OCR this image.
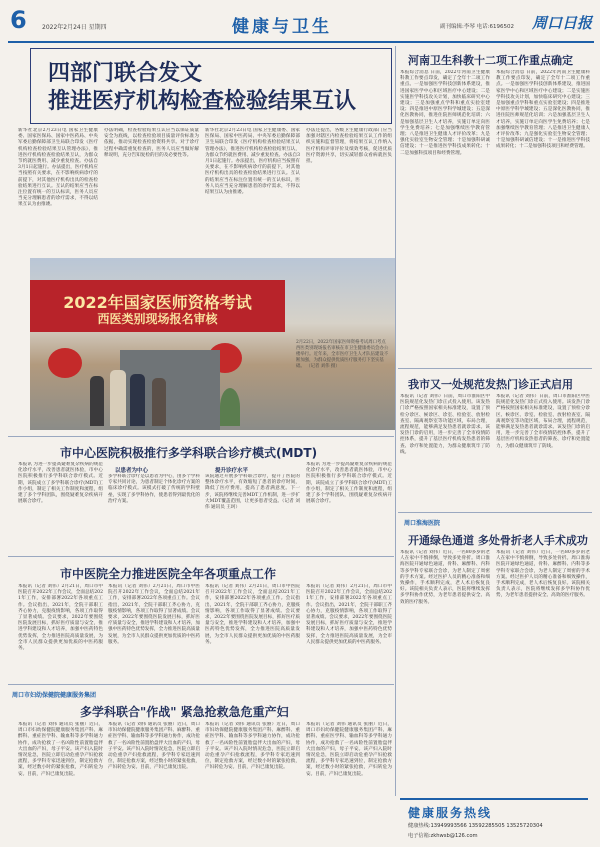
6	2022年2月24日 星期四	健康与卫生	副刊编辑:李琴 电话:6196502 周口日报
四部门联合发文
推进医疗机构检查检验结果互认
新华社北京2月23日电 国家卫生健康委、国家医保局、国家中医药局、中央军委后勤保障部卫生局联合印发《医疗机构检查检验结果互认管理办法》，推进医疗机构检查检验结果互认，为群众节约就医费用、减少重复检查。办法自3月1日起施行。办法提出，医疗机构应当按照有关要求，在不影响疾病诊疗的前提下，对其他医疗机构出具的检查检验结果进行互认。互认的结果应当在标注位置有统一的互认标识，医务人员应当充分理解患者的诊疗需求，不得以结果互认为由推诿。
办法明确，检查检验结果互认应当以保证质量安全为底线，以检查检验项目质量评价标准为依据，推动实现检查检验资料共享。对于诊疗过程中确需重复检查的，医务人员应当做好解释说明，充分告知复检的目的及必要性等。
新华社北京2月23日电 国家卫生健康委、国家医保局、国家中医药局、中央军委后勤保障部卫生局联合印发《医疗机构检查检验结果互认管理办法》，推进医疗机构检查检验结果互认，为群众节约就医费用、减少重复检查。办法自3月1日起施行。办法提出，医疗机构应当按照有关要求，在不影响疾病诊疗的前提下，对其他医疗机构出具的检查检验结果进行互认。互认的结果应当在标注位置有统一的互认标识，医务人员应当充分理解患者的诊疗需求，不得以结果互认为由推诿。
办法还提出，各级卫生健康行政部门应当加强对辖区内检查检验结果互认工作的组织实施和监督管理，将结果互认工作纳入医疗机构评审评价及绩效考核，促进优质医疗资源共享，切实减轻群众看病就医负担。
2022年国家医师资格考试
西医类别现场报名审核
2月22日，2022年国家医师资格考试周口考点西医类别现场报名审核在市卫生健康委员会办公楼举行。近年来，全市医疗卫生人才队伍建设不断加强，为群众提供优质医疗服务打下坚实基础。 （记者 刘伟 摄）
市中心医院积极推行多学科联合诊疗模式(MDT)
本报讯 为进一步提高疑难复杂疾病的规范化诊疗水平，改善患者就医体验，市中心医院积极推行多学科联合诊疗模式。近期，该院成立了多学科联合诊疗(MDT)工作小组，制定了相关工作制度和流程，组建了多个学科团队，围绕疑难复杂疾病开展联合诊疗。
以患者为中心
多学科联合诊疗是以患者为中心，由多个学科专家共同讨论，为患者制定个体化诊疗方案的临床诊疗模式。该模式打破了传统的学科壁垒，实现了多学科协作，使患者得到最优化的治疗方案。
提升诊疗水平
该院通过开展多学科联合诊疗，提升了医院的整体诊疗水平，有效缩短了患者的诊疗时间，降低了医疗费用，提高了患者满意度。下一步，该院将继续完善MDT工作机制，进一步扩大MDT覆盖范围，让更多患者受益。（记者 刘伟 通讯员 王珂）
本报讯 为进一步提高疑难复杂疾病的规范化诊疗水平，改善患者就医体验，市中心医院积极推行多学科联合诊疗模式。近期，该院成立了多学科联合诊疗(MDT)工作小组，制定了相关工作制度和流程，组建了多个学科团队，围绕疑难复杂疾病开展联合诊疗。
市中医院全力推进医院全年各项重点工作
本报讯（记者 刘伟）2月21日，周口市中医院召开2022年工作会议，全面总结2021年工作，安排部署2022年各项重点工作。会议指出，2021年，全院干部职工齐心协力，克服疫情影响，各项工作取得了显著成绩。会议要求，2022年要围绕医院发展目标，抓好医疗质量与安全，推进学科建设和人才培养，加强中医药特色优势发挥，全力推进医院高质量发展，为全市人民群众提供更加优质的中医药服务。
本报讯（记者 刘伟）2月21日，周口市中医院召开2022年工作会议，全面总结2021年工作，安排部署2022年各项重点工作。会议指出，2021年，全院干部职工齐心协力，克服疫情影响，各项工作取得了显著成绩。会议要求，2022年要围绕医院发展目标，抓好医疗质量与安全，推进学科建设和人才培养，加强中医药特色优势发挥，全力推进医院高质量发展，为全市人民群众提供更加优质的中医药服务。
本报讯（记者 刘伟）2月21日，周口市中医院召开2022年工作会议，全面总结2021年工作，安排部署2022年各项重点工作。会议指出，2021年，全院干部职工齐心协力，克服疫情影响，各项工作取得了显著成绩。会议要求，2022年要围绕医院发展目标，抓好医疗质量与安全，推进学科建设和人才培养，加强中医药特色优势发挥，全力推进医院高质量发展，为全市人民群众提供更加优质的中医药服务。
本报讯（记者 刘伟）2月21日，周口市中医院召开2022年工作会议，全面总结2021年工作，安排部署2022年各项重点工作。会议指出，2021年，全院干部职工齐心协力，克服疫情影响，各项工作取得了显著成绩。会议要求，2022年要围绕医院发展目标，抓好医疗质量与安全，推进学科建设和人才培养，加强中医药特色优势发挥，全力推进医院高质量发展，为全市人民群众提供更加优质的中医药服务。
周口市妇幼保健院健康服务集团
多学科联合"作战" 紧急抢救急危重产妇
本报讯（记者 刘伟 通讯员 张丽）近日，周口市妇幼保健院健康服务集团产科、麻醉科、重症医学科、输血科等多学科通力协作，成功抢救了一名凶险性前置胎盘伴大出血的产妇，母子平安。该产妇入院时情况危急，医院立即启动危重孕产妇抢救流程，多学科专家迅速到位，制定抢救方案，经过数小时的紧张抢救，产妇转危为安。目前，产妇已康复出院。
本报讯（记者 刘伟 通讯员 张丽）近日，周口市妇幼保健院健康服务集团产科、麻醉科、重症医学科、输血科等多学科通力协作，成功抢救了一名凶险性前置胎盘伴大出血的产妇，母子平安。该产妇入院时情况危急，医院立即启动危重孕产妇抢救流程，多学科专家迅速到位，制定抢救方案，经过数小时的紧张抢救，产妇转危为安。目前，产妇已康复出院。
本报讯（记者 刘伟 通讯员 张丽）近日，周口市妇幼保健院健康服务集团产科、麻醉科、重症医学科、输血科等多学科通力协作，成功抢救了一名凶险性前置胎盘伴大出血的产妇，母子平安。该产妇入院时情况危急，医院立即启动危重孕产妇抢救流程，多学科专家迅速到位，制定抢救方案，经过数小时的紧张抢救，产妇转危为安。目前，产妇已康复出院。
本报讯（记者 刘伟 通讯员 张丽）近日，周口市妇幼保健院健康服务集团产科、麻醉科、重症医学科、输血科等多学科通力协作，成功抢救了一名凶险性前置胎盘伴大出血的产妇，母子平安。该产妇入院时情况危急，医院立即启动危重孕产妇抢救流程，多学科专家迅速到位，制定抢救方案，经过数小时的紧张抢救，产妇转危为安。目前，产妇已康复出院。
河南卫生科教十二项工作重点确定
本报综合消息 日前，2022年河南卫生健康科教工作要点印发，确定了全年十二项工作重点。一是加强医学科技创新体系建设，推进国家医学中心和区域医疗中心建设；二是实施医学科技攻关计划，加快临床研究中心建设；三是加强重点学科和重点实验室建设；四是推进中原医学科学城建设；五是深化医教协同，推进住院医师规范化培训；六是加强基层卫生人才培养，实施订单定向医学生免费培养；七是加强继续医学教育管理；八是推进卫生健康人才评价改革；九是强化实验室生物安全管理；十是加强科研诚信建设；十一是推进医学科技成果转化；十二是加强科技项目和经费管理。
本报综合消息 日前，2022年河南卫生健康科教工作要点印发，确定了全年十二项工作重点。一是加强医学科技创新体系建设，推进国家医学中心和区域医疗中心建设；二是实施医学科技攻关计划，加快临床研究中心建设；三是加强重点学科和重点实验室建设；四是推进中原医学科学城建设；五是深化医教协同，推进住院医师规范化培训；六是加强基层卫生人才培养，实施订单定向医学生免费培养；七是加强继续医学教育管理；八是推进卫生健康人才评价改革；九是强化实验室生物安全管理；十是加强科研诚信建设；十一是推进医学科技成果转化；十二是加强科技项目和经费管理。
我市又一处规范发热门诊正式启用
本报讯（记者 刘伟）日前，周口市淮阳区中医院规范化发热门诊正式投入使用。该发热门诊严格按照国家相关标准建设，设置了预检分诊区、候诊区、诊室、检验室、放射检查室、隔离观察室等功能区域，布局合理，流程规范，能够满足发热患者就诊需求。该发热门诊的启用，进一步完善了全市疫情防控体系，提升了基层医疗机构发热患者的筛查、诊疗和处置能力，为群众健康筑牢了防线。
本报讯（记者 刘伟）日前，周口市淮阳区中医院规范化发热门诊正式投入使用。该发热门诊严格按照国家相关标准建设，设置了预检分诊区、候诊区、诊室、检验室、放射检查室、隔离观察室等功能区域，布局合理，流程规范，能够满足发热患者就诊需求。该发热门诊的启用，进一步完善了全市疫情防控体系，提升了基层医疗机构发热患者的筛查、诊疗和处置能力，为群众健康筑牢了防线。
周口淮海医院
开通绿色通道 多处骨折老人手术成功
本报讯（记者 刘伟）近日，一名80多岁的老人在家中不慎摔倒，导致多处骨折。周口淮海医院开通绿色通道，骨科、麻醉科、内科等多学科专家联合会诊，为老人制定了周密的手术方案。经过医护人员的精心准备和细致操作，手术顺利完成，老人术后恢复良好。该院相关负责人表示，医院将继续发挥多学科协作优势，为老年患者提供安全、高效的医疗服务。
本报讯（记者 刘伟）近日，一名80多岁的老人在家中不慎摔倒，导致多处骨折。周口淮海医院开通绿色通道，骨科、麻醉科、内科等多学科专家联合会诊，为老人制定了周密的手术方案。经过医护人员的精心准备和细致操作，手术顺利完成，老人术后恢复良好。该院相关负责人表示，医院将继续发挥多学科协作优势，为老年患者提供安全、高效的医疗服务。
健康服务热线
健康热线:13949993566 13592285505 13525720304
电子信箱:zkhwsb@126.com
